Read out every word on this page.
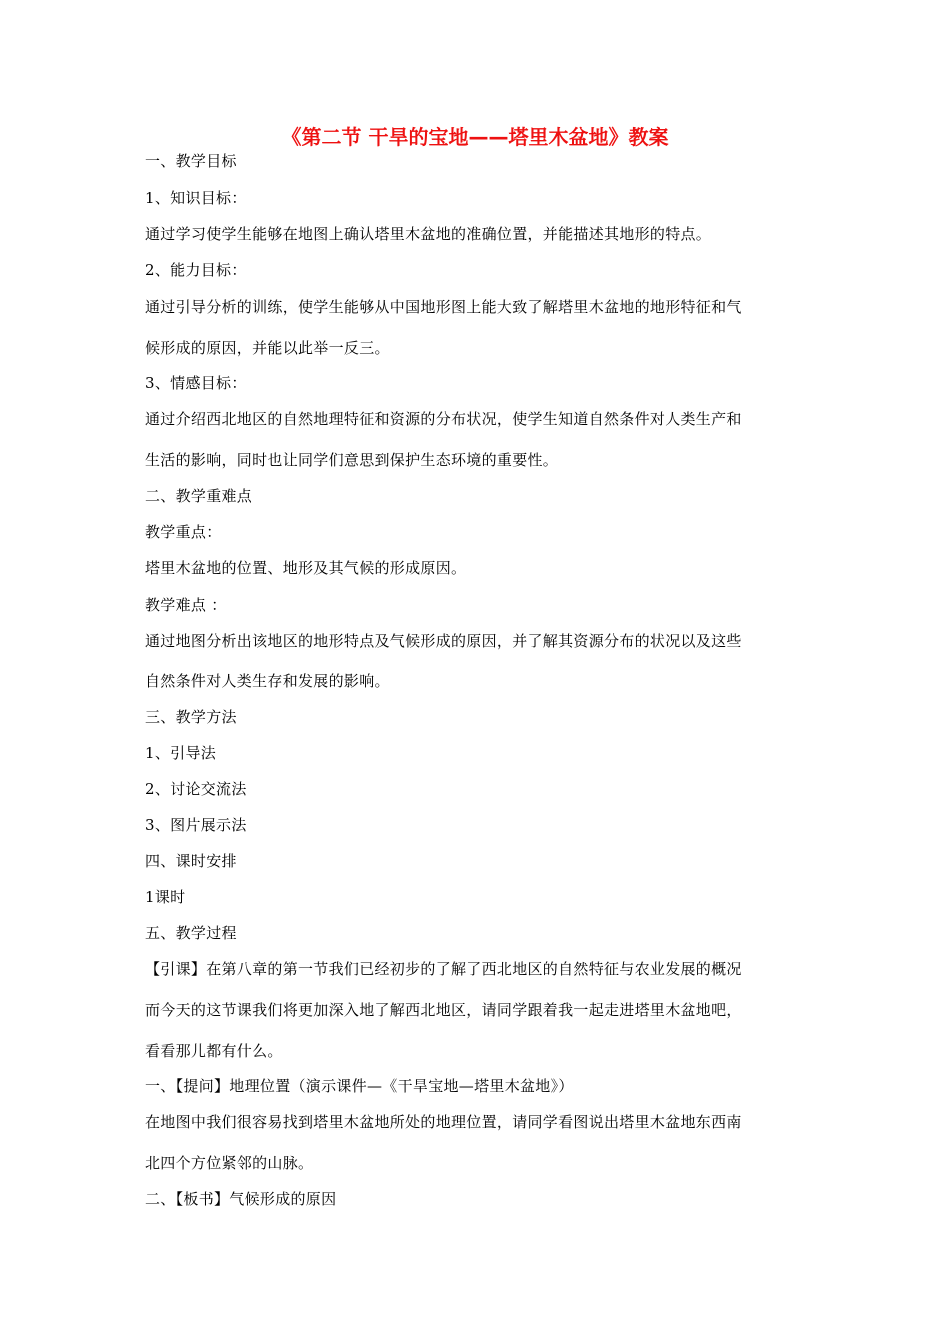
《第二节 干旱的宝地——塔里木盆地》教案
一、教学目标
1、知识目标：
通过学习使学生能够在地图上确认塔里木盆地的准确位置，并能描述其地形的特点。
2、能力目标：
通过引导分析的训练，使学生能够从中国地形图上能大致了解塔里木盆地的地形特征和气
候形成的原因，并能以此举一反三。
3、情感目标：
通过介绍西北地区的自然地理特征和资源的分布状况，使学生知道自然条件对人类生产和
生活的影响，同时也让同学们意思到保护生态环境的重要性。
二、教学重难点
教学重点：
塔里木盆地的位置、地形及其气候的形成原因。
教学难点 ：
通过地图分析出该地区的地形特点及气候形成的原因，并了解其资源分布的状况以及这些
自然条件对人类生存和发展的影响。
三、教学方法
1、引导法
2、讨论交流法
3、图片展示法
四、课时安排
1课时
五、教学过程
【引课】在第八章的第一节我们已经初步的了解了西北地区的自然特征与农业发展的概况
而今天的这节课我们将更加深入地了解西北地区，请同学跟着我一起走进塔里木盆地吧，
看看那儿都有什么。
一、【提问】地理位置（演示课件—《干旱宝地—塔里木盆地》）
在地图中我们很容易找到塔里木盆地所处的地理位置，请同学看图说出塔里木盆地东西南
北四个方位紧邻的山脉。
二、【板书】气候形成的原因
